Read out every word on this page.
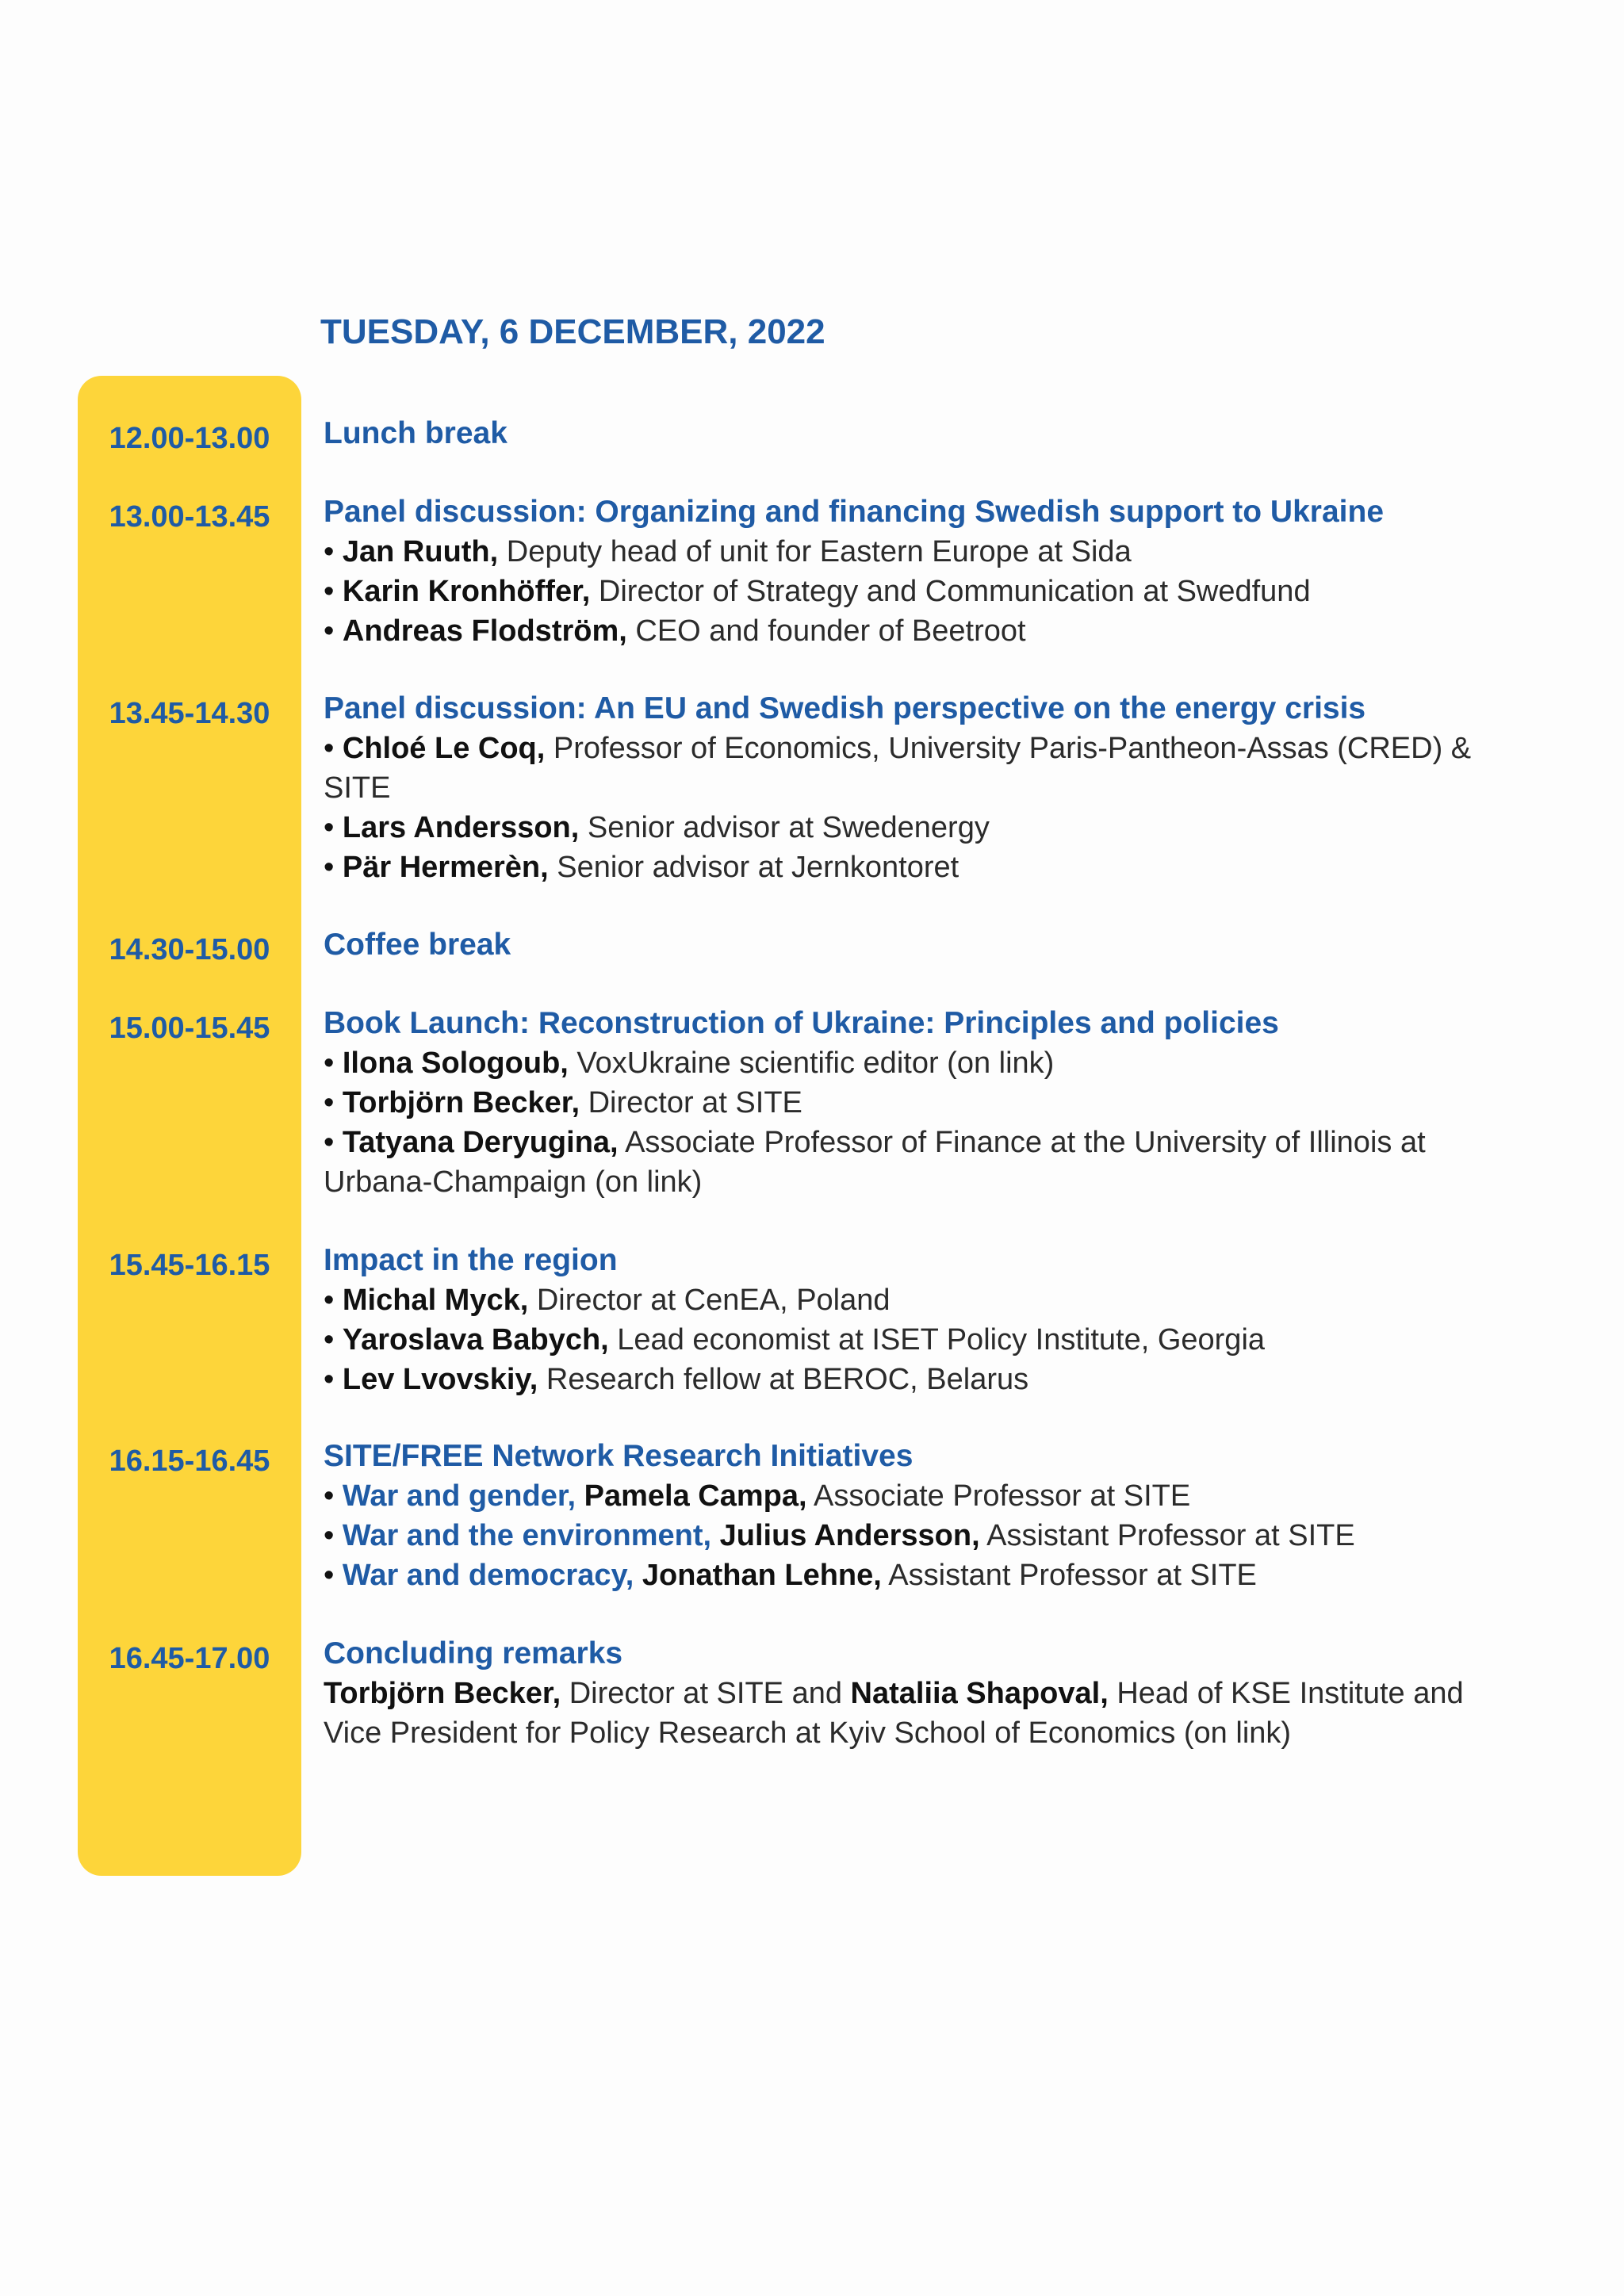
TUESDAY, 6 DECEMBER, 2022
12.00-13.00	Lunch break
13.00-13.45	Panel discussion: Organizing and financing Swedish support to Ukraine
• Jan Ruuth, Deputy head of unit for Eastern Europe at Sida
• Karin Kronhöffer, Director of Strategy and Communication at Swedfund
• Andreas Flodström, CEO and founder of Beetroot
13.45-14.30	Panel discussion: An EU and Swedish perspective on the energy crisis
• Chloé Le Coq, Professor of Economics, University Paris-Pantheon-Assas (CRED) & SITE
• Lars Andersson, Senior advisor at Swedenergy
• Pär Hermerèn, Senior advisor at Jernkontoret
14.30-15.00	Coffee break
15.00-15.45	Book Launch: Reconstruction of Ukraine: Principles and policies
• Ilona Sologoub, VoxUkraine scientific editor (on link)
• Torbjörn Becker, Director at SITE
• Tatyana Deryugina, Associate Professor of Finance at the University of Illinois at Urbana-Champaign (on link)
15.45-16.15	Impact in the region
• Michal Myck, Director at CenEA, Poland
• Yaroslava Babych, Lead economist at ISET Policy Institute, Georgia
• Lev Lvovskiy, Research fellow at BEROC, Belarus
16.15-16.45	SITE/FREE Network Research Initiatives
• War and gender, Pamela Campa, Associate Professor at SITE
• War and the environment, Julius Andersson, Assistant Professor at SITE
• War and democracy, Jonathan Lehne, Assistant Professor at SITE
16.45-17.00	Concluding remarks
Torbjörn Becker, Director at SITE and Nataliia Shapoval, Head of KSE Institute and Vice President for Policy Research at Kyiv School of Economics (on link)
